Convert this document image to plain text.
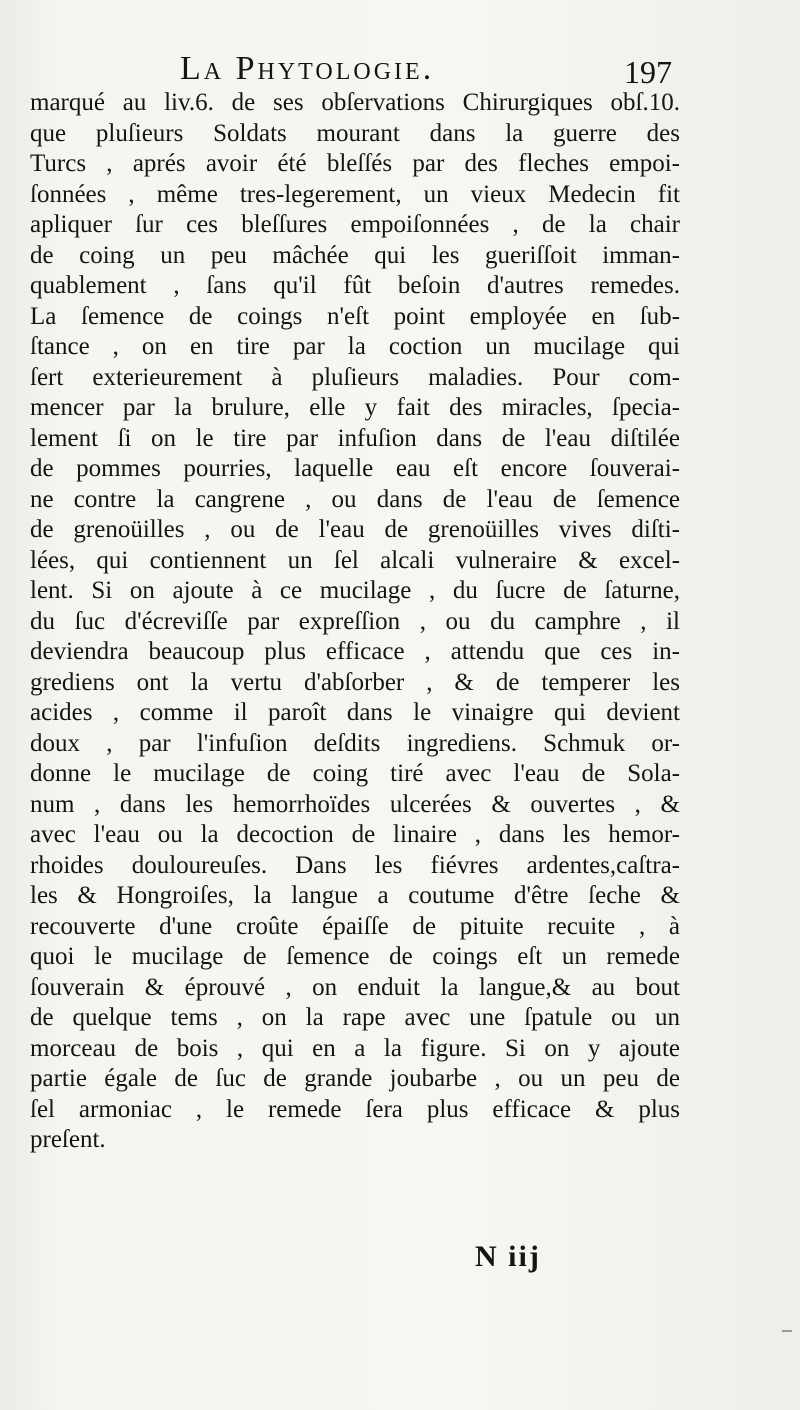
La Phytologie.	197
marqué au liv.6. de ses obſervations Chirurgiques obſ.10.
que pluſieurs Soldats mourant dans la guerre des
Turcs , aprés avoir été bleſſés par des fleches empoi-
ſonnées , même tres-legerement, un vieux Medecin fit
apliquer ſur ces bleſſures empoiſonnées , de la chair
de coing un peu mâchée qui les gueriſſoit imman-
quablement , ſans qu'il fût beſoin d'autres remedes.
La ſemence de coings n'eſt point employée en ſub-
ſtance , on en tire par la coction un mucilage qui
ſert exterieurement à pluſieurs maladies. Pour com-
mencer par la brulure, elle y fait des miracles, ſpecia-
lement ſi on le tire par infuſion dans de l'eau diſtilée
de pommes pourries, laquelle eau eſt encore ſouverai-
ne contre la cangrene , ou dans de l'eau de ſemence
de grenoüilles , ou de l'eau de grenoüilles vives diſti-
lées, qui contiennent un ſel alcali vulneraire & excel-
lent. Si on ajoute à ce mucilage , du ſucre de ſaturne,
du ſuc d'écreviſſe par expreſſion , ou du camphre , il
deviendra beaucoup plus efficace , attendu que ces in-
grediens ont la vertu d'abſorber , & de temperer les
acides , comme il paroît dans le vinaigre qui devient
doux , par l'infuſion deſdits ingrediens. Schmuk or-
donne le mucilage de coing tiré avec l'eau de Sola-
num , dans les hemorrhoïdes ulcerées & ouvertes , &
avec l'eau ou la decoction de linaire , dans les hemor-
rhoides douloureuſes. Dans les fiévres ardentes,caſtra-
les & Hongroiſes, la langue a coutume d'être ſeche &
recouverte d'une croûte épaiſſe de pituite recuite , à
quoi le mucilage de ſemence de coings eſt un remede
ſouverain & éprouvé , on enduit la langue,& au bout
de quelque tems , on la rape avec une ſpatule ou un
morceau de bois , qui en a la figure. Si on y ajoute
partie égale de ſuc de grande joubarbe , ou un peu de
ſel armoniac , le remede ſera plus efficace & plus
preſent.
N iij
